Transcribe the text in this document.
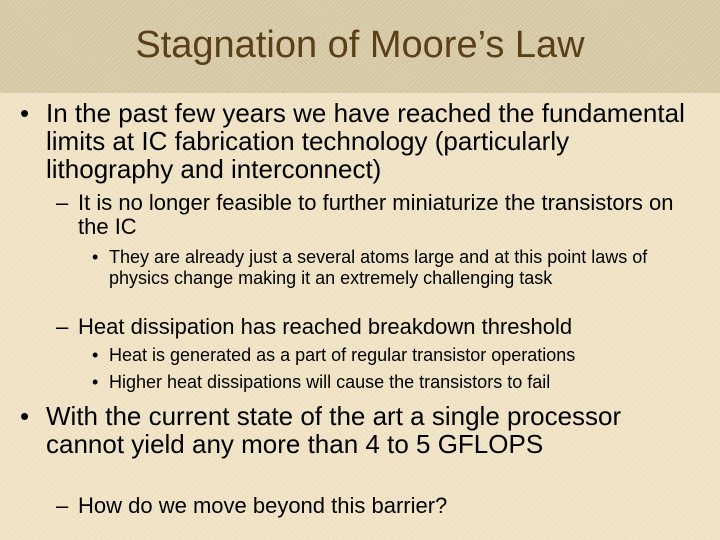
Stagnation of Moore’s Law
• In the past few years we have reached the fundamental limits at IC fabrication technology (particularly lithography and interconnect)
– It is no longer feasible to further miniaturize the transistors on the IC
• They are already just a several atoms large and at this point laws of physics change making it an extremely challenging task
– Heat dissipation has reached breakdown threshold
• Heat is generated as a part of regular transistor operations
• Higher heat dissipations will cause the transistors to fail
• With the current state of the art a single processor cannot yield any more than 4 to 5 GFLOPS
– How do we move beyond this barrier?
